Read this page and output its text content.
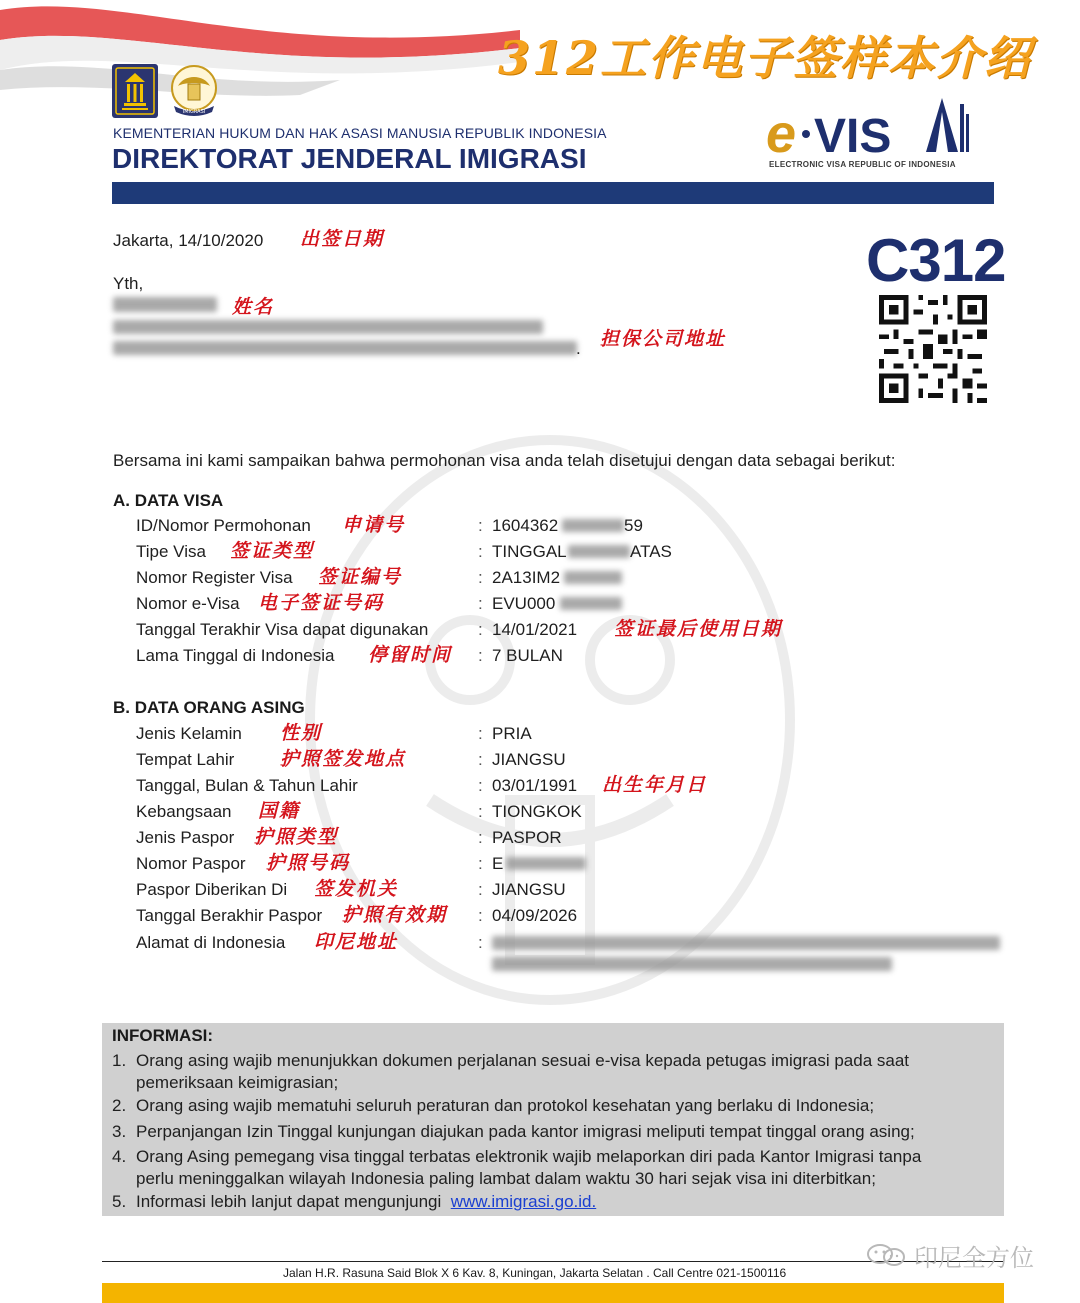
312工作电子签样本介绍
IMIGRASI
KEMENTERIAN HUKUM DAN HAK ASASI MANUSIA REPUBLIK INDONESIA
DIREKTORAT JENDERAL IMIGRASI	e VIS
ELECTRONIC VISA REPUBLIC OF INDONESIA
Jakarta, 14/10/2020 出签日期	C312
Yth,
姓名
. 担保公司地址
Bersama ini kami sampaikan bahwa permohonan visa anda telah disetujui dengan data sebagai berikut:
A. DATA VISA
ID/Nomor Permohonan 申请号	: 1604362	59
Tipe Visa 签证类型	: TINGGAL	ATAS
Nomor Register Visa 签证编号	: 2A13IM2
Nomor e-Visa 电子签证号码	: EVU000
Tanggal Terakhir Visa dapat digunakan	: 14/01/2021 签证最后使用日期
Lama Tinggal di Indonesia 停留时间 : 7 BULAN
B. DATA ORANG ASING
Jenis Kelamin 性别	: PRIA
Tempat Lahir 护照签发地点	: JIANGSU
Tanggal, Bulan & Tahun Lahir	: 03/01/1991 出生年月日
Kebangsaan 国籍	: TIONGKOK
Jenis Paspor 护照类型	: PASPOR
Nomor Paspor 护照号码	: E
Paspor Diberikan Di 签发机关	: JIANGSU
Tanggal Berakhir Paspor 护照有效期 : 04/09/2026
Alamat di Indonesia 印尼地址	:
INFORMASI:
1. Orang asing wajib menunjukkan dokumen perjalanan sesuai e-visa kepada petugas imigrasi pada saat
pemeriksaan keimigrasian;
2. Orang asing wajib mematuhi seluruh peraturan dan protokol kesehatan yang berlaku di Indonesia;
3. Perpanjangan Izin Tinggal kunjungan diajukan pada kantor imigrasi meliputi tempat tinggal orang asing;
4. Orang Asing pemegang visa tinggal terbatas elektronik wajib melaporkan diri pada Kantor Imigrasi tanpa
perlu meninggalkan wilayah Indonesia paling lambat dalam waktu 30 hari sejak visa ini diterbitkan;
5. Informasi lebih lanjut dapat mengunjungi www.imigrasi.go.id.
Jalan H.R. Rasuna Said Blok X 6 Kav. 8, Kuningan, Jakarta Selatan . Call Centre 021-1500116
印尼全方位
